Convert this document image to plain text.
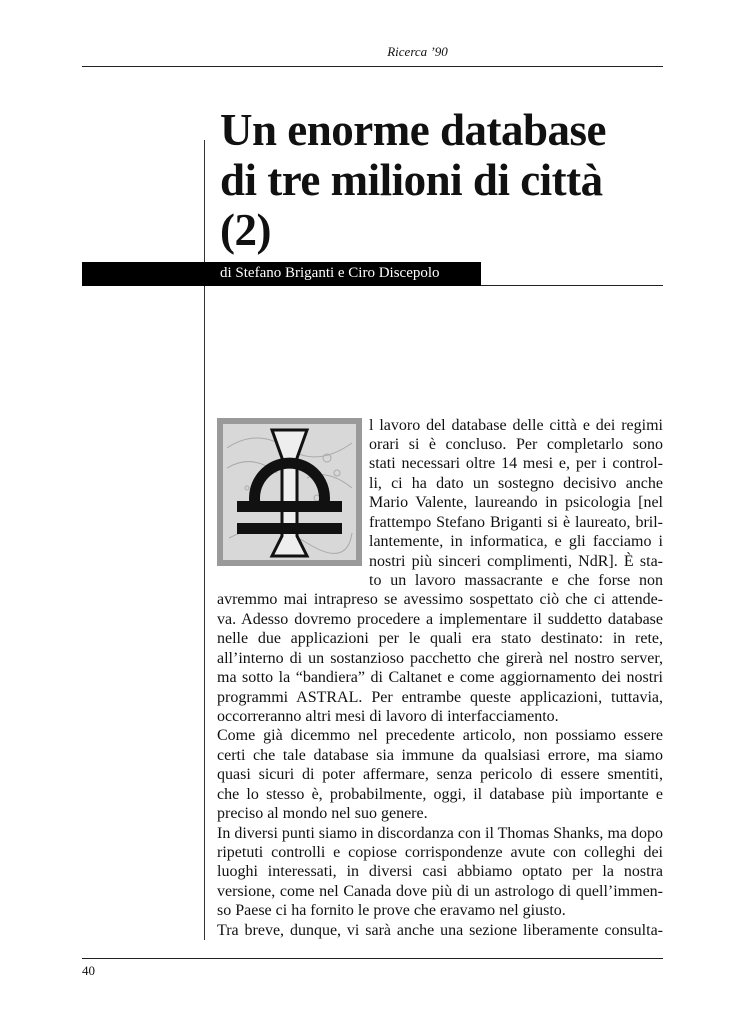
Ricerca ’90
Un enorme database
di tre milioni di città
(2)
di Stefano Briganti e Ciro Discepolo
l lavoro del database delle città e dei regimi
orari si è concluso. Per completarlo sono
stati necessari oltre 14 mesi e, per i control-
li, ci ha dato un sostegno decisivo anche
Mario Valente, laureando in psicologia [nel
frattempo Stefano Briganti si è laureato, bril-
lantemente, in informatica, e gli facciamo i
nostri più sinceri complimenti, NdR]. È sta-
to un lavoro massacrante e che forse non
avremmo mai intrapreso se avessimo sospettato ciò che ci attende-
va. Adesso dovremo procedere a implementare il suddetto database
nelle due applicazioni per le quali era stato destinato: in rete,
all’interno di un sostanzioso pacchetto che girerà nel nostro server,
ma sotto la “bandiera” di Caltanet e come aggiornamento dei nostri
programmi ASTRAL. Per entrambe queste applicazioni, tuttavia,
occorreranno altri mesi di lavoro di interfacciamento.
Come già dicemmo nel precedente articolo, non possiamo essere
certi che tale database sia immune da qualsiasi errore, ma siamo
quasi sicuri di poter affermare, senza pericolo di essere smentiti,
che lo stesso è, probabilmente, oggi, il database più importante e
preciso al mondo nel suo genere.
In diversi punti siamo in discordanza con il Thomas Shanks, ma dopo
ripetuti controlli e copiose corrispondenze avute con colleghi dei
luoghi interessati, in diversi casi abbiamo optato per la nostra
versione, come nel Canada dove più di un astrologo di quell’immen-
so Paese ci ha fornito le prove che eravamo nel giusto.
Tra breve, dunque, vi sarà anche una sezione liberamente consulta-
40
